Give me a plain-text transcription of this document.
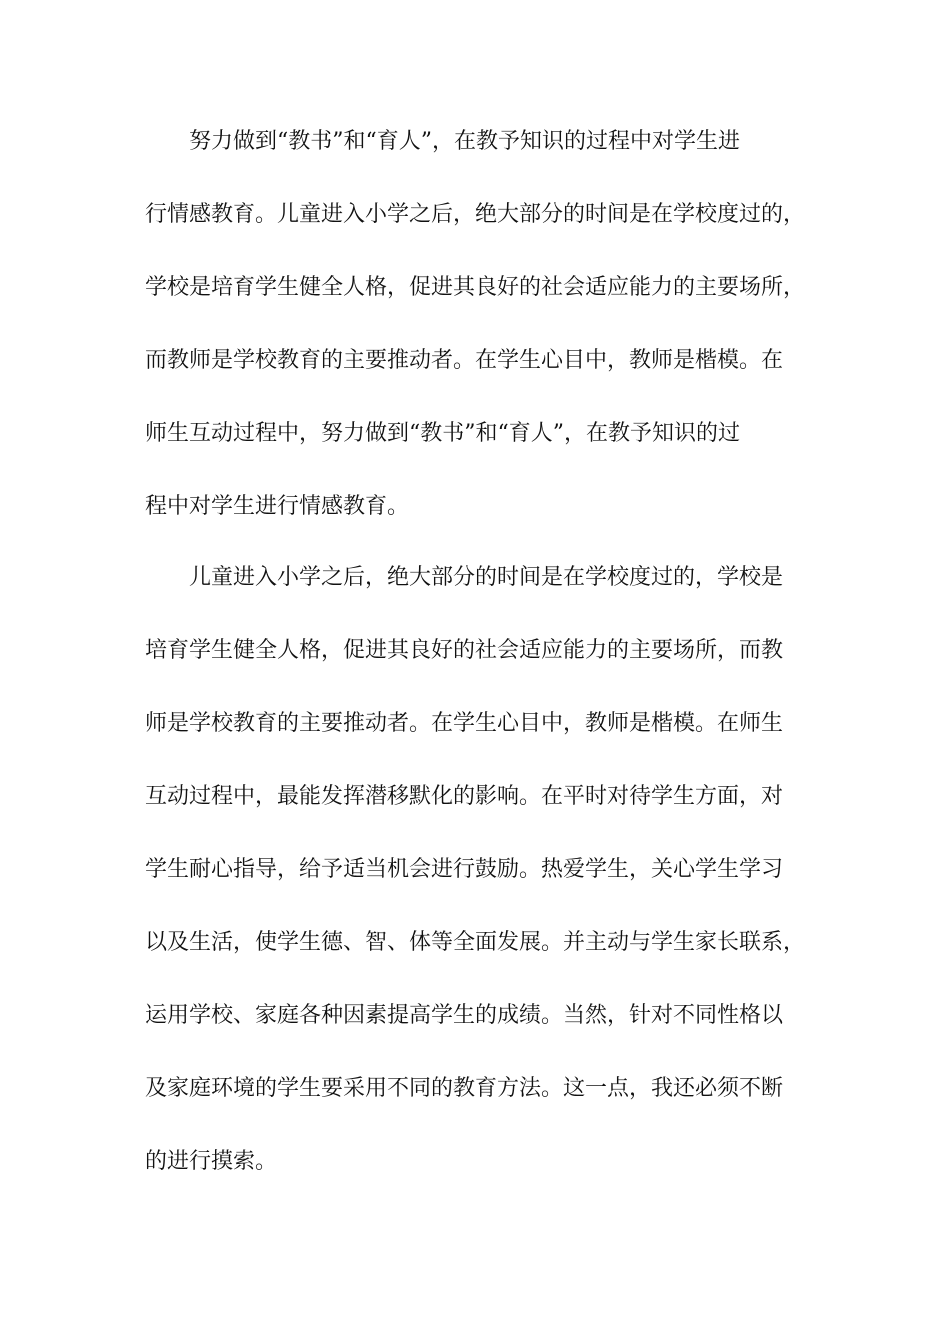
努力做到“教书”和“育人”，在教予知识的过程中对学生进
行情感教育。儿童进入小学之后，绝大部分的时间是在学校度过的，
学校是培育学生健全人格，促进其良好的社会适应能力的主要场所，
而教师是学校教育的主要推动者。在学生心目中，教师是楷模。在
师生互动过程中，努力做到“教书”和“育人”，在教予知识的过
程中对学生进行情感教育。
儿童进入小学之后，绝大部分的时间是在学校度过的，学校是
培育学生健全人格，促进其良好的社会适应能力的主要场所，而教
师是学校教育的主要推动者。在学生心目中，教师是楷模。在师生
互动过程中，最能发挥潜移默化的影响。在平时对待学生方面，对
学生耐心指导，给予适当机会进行鼓励。热爱学生，关心学生学习
以及生活，使学生德、智、体等全面发展。并主动与学生家长联系，
运用学校、家庭各种因素提高学生的成绩。当然，针对不同性格以
及家庭环境的学生要采用不同的教育方法。这一点，我还必须不断
的进行摸索。
